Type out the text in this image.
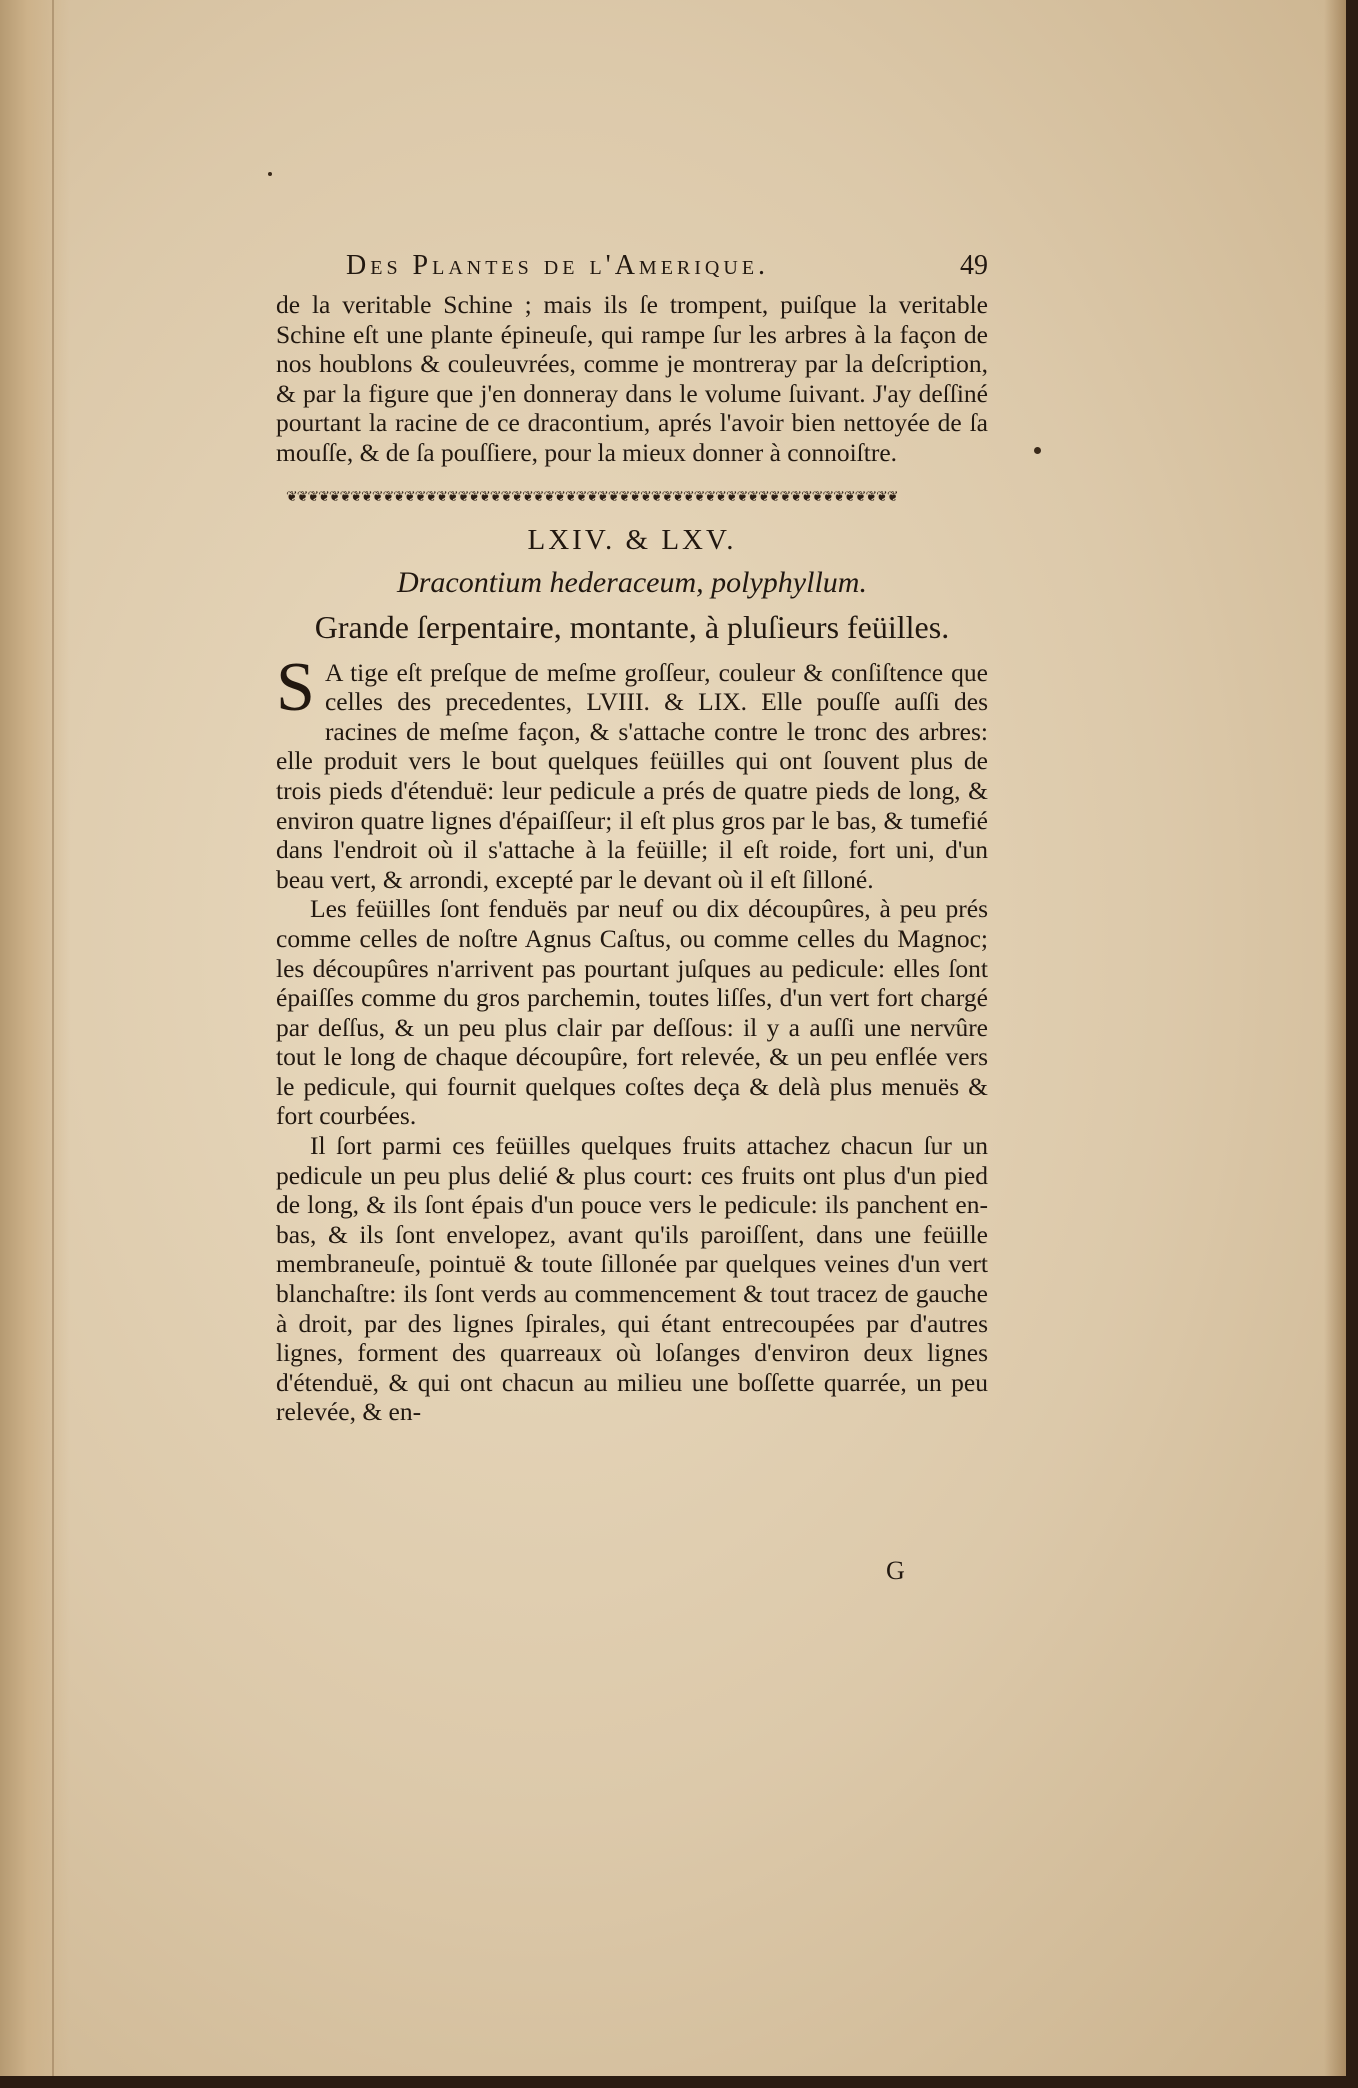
Des Plantes de l'Amerique.	49

de la veritable Schine ; mais ils ſe trompent, puiſque la veritable Schine eſt une plante épineuſe, qui rampe ſur les arbres à la façon de nos houblons & couleuvrées, comme je montreray par la deſcription, & par la figure que j'en donneray dans le volume ſuivant. J'ay deſſiné pourtant la racine de ce dracontium, aprés l'avoir bien nettoyée de ſa mouſſe, & de ſa pouſſiere, pour la mieux donner à connoiſtre.

❦❦❦❦❦❦❦❦❦❦❦❦❦❦❦❦❦❦❦❦❦❦❦❦❦❦❦❦❦❦❦❦❦❦❦❦❦❦❦❦❦❦❦❦❦❦❦❦❦❦❦❦❦❦❦❦❦
LXIV. & LXV.
Dracontium hederaceum, polyphyllum.
Grande ſerpentaire, montante, à pluſieurs feüilles.

S A tige eſt preſque de meſme groſſeur, couleur & conſiſtence que celles des precedentes, LVIII. & LIX. Elle pouſſe auſſi des racines de meſme façon, & s'attache contre le tronc des arbres: elle produit vers le bout quelques feüilles qui ont ſouvent plus de trois pieds d'étenduë: leur pedicule a prés de quatre pieds de long, & environ quatre lignes d'épaiſſeur; il eſt plus gros par le bas, & tumefié dans l'endroit où il s'attache à la feüille; il eſt roide, fort uni, d'un beau vert, & arrondi, excepté par le devant où il eſt ſilloné.

Les feüilles ſont fenduës par neuf ou dix découpûres, à peu prés comme celles de noſtre Agnus Caſtus, ou comme celles du Magnoc; les découpûres n'arrivent pas pourtant juſques au pedicule: elles ſont épaiſſes comme du gros parchemin, toutes liſſes, d'un vert fort chargé par deſſus, & un peu plus clair par deſſous: il y a auſſi une nervûre tout le long de chaque découpûre, fort relevée, & un peu enflée vers le pedicule, qui fournit quelques coſtes deça & delà plus menuës & fort courbées.

Il ſort parmi ces feüilles quelques fruits attachez chacun ſur un pedicule un peu plus delié & plus court: ces fruits ont plus d'un pied de long, & ils ſont épais d'un pouce vers le pedicule: ils panchent en-bas, & ils ſont envelopez, avant qu'ils paroiſſent, dans une feüille membraneuſe, pointuë & toute ſillonée par quelques veines d'un vert blanchaſtre: ils ſont verds au commencement & tout tracez de gauche à droit, par des lignes ſpirales, qui étant entrecoupées par d'autres lignes, forment des quarreaux où loſanges d'environ deux lignes d'étenduë, & qui ont chacun au milieu une boſſette quarrée, un peu relevée, & en-

G
